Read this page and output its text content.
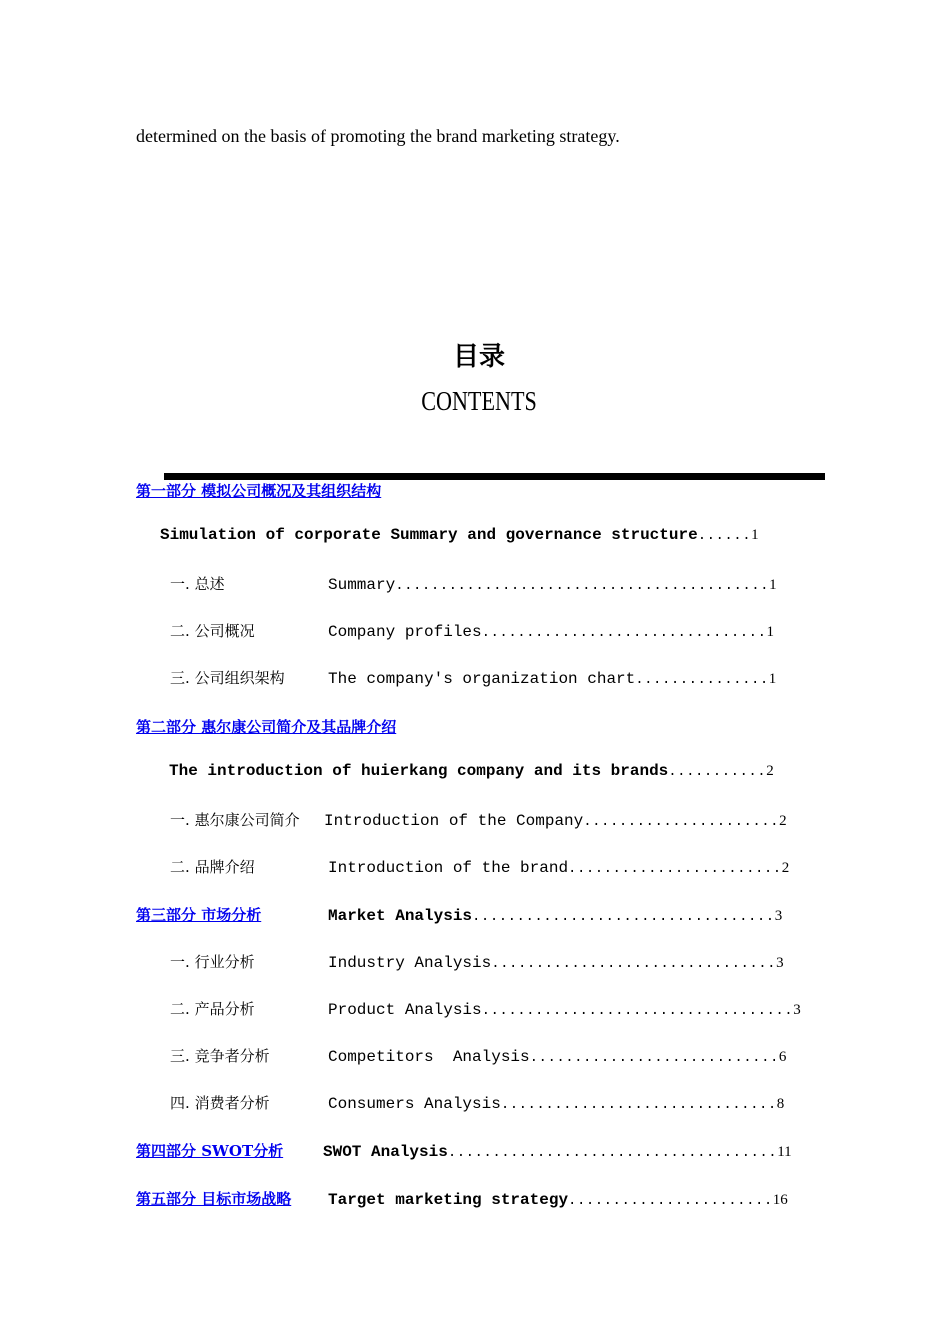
determined on the basis of promoting the brand marketing strategy.
目录
CONTENTS
第一部分 模拟公司概况及其组织结构
Simulation of corporate Summary and governance structure ...... 1
一. 总述	Summary .......................................... 1
二. 公司概况	Company profiles ................................ 1
三. 公司组织架构	The company's organization chart ............... 1
第二部分 惠尔康公司简介及其品牌介绍
The introduction of huierkang company and its brands ........... 2
一. 惠尔康公司简介	Introduction of the Company ...................... 2
二. 品牌介绍	Introduction of the brand ........................ 2
第三部分 市场分析	Market Analysis .................................. 3
一. 行业分析	Industry Analysis ................................ 3
二. 产品分析	Product Analysis ................................... 3
三. 竞争者分析	Competitors  Analysis ............................ 6
四. 消费者分析	Consumers Analysis ............................... 8
第四部分 SWOT分析	SWOT Analysis ..................................... 11
第五部分 目标市场战略	Target marketing strategy ....................... 16
